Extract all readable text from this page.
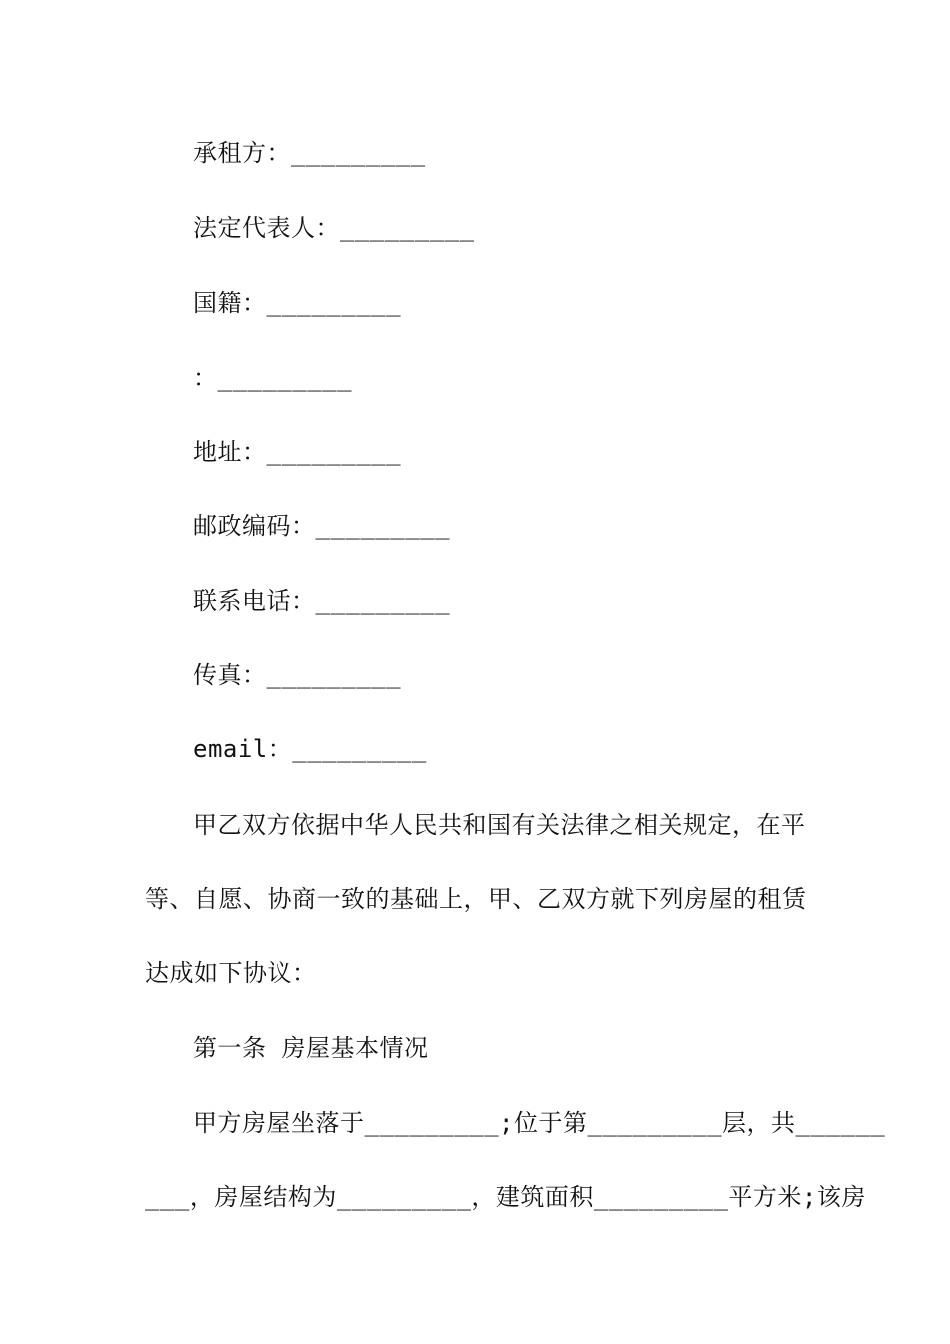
承租方：_________

法定代表人：_________

国籍：_________

：_________

地址：_________

邮政编码：_________

联系电话：_________

传真：_________

email：_________

甲乙双方依据中华人民共和国有关法律之相关规定，在平

等、自愿、协商一致的基础上，甲、乙双方就下列房屋的租赁

达成如下协议：

第一条 房屋基本情况

甲方房屋坐落于_________;位于第_________层，共______

___，房屋结构为_________，建筑面积_________平方米;该房
